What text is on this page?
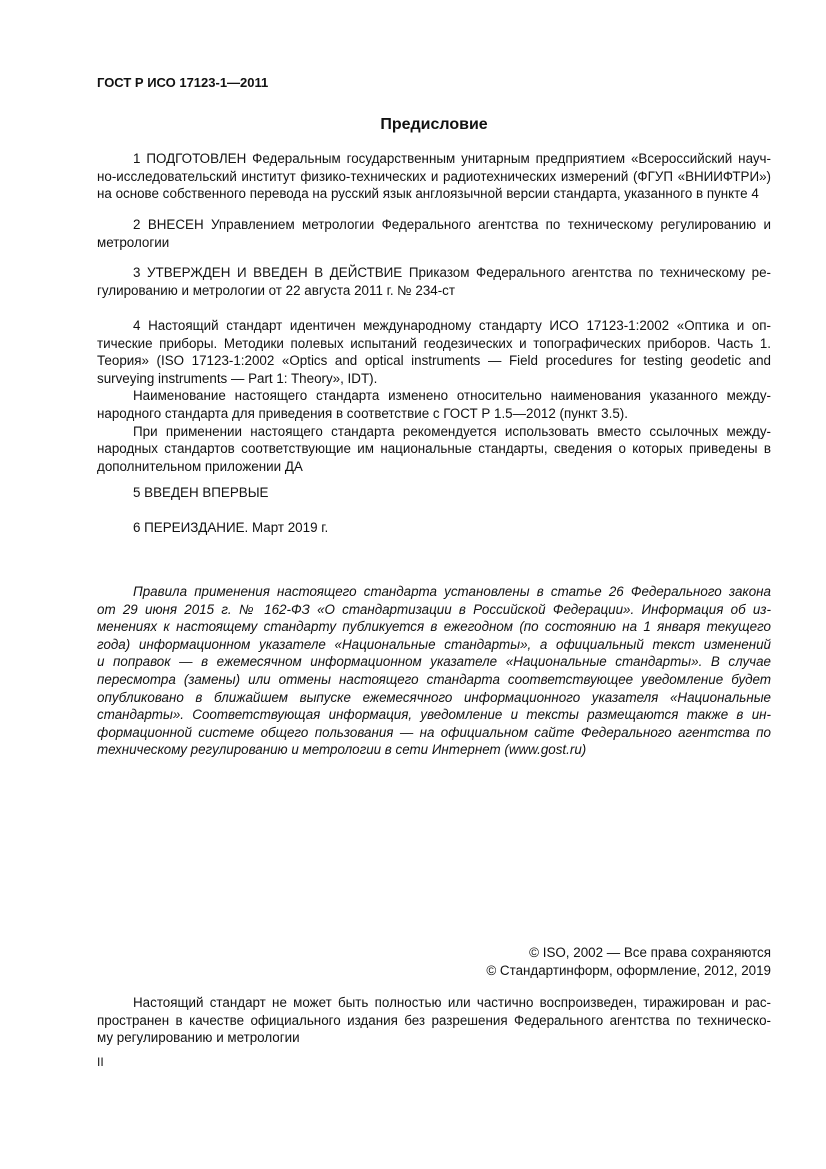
ГОСТ Р ИСО 17123-1—2011
Предисловие
1 ПОДГОТОВЛЕН Федеральным государственным унитарным предприятием «Всероссийский науч-
но-исследовательский институт физико-технических и радиотехнических измерений (ФГУП «ВНИИФТРИ»)
на основе собственного перевода на русский язык англоязычной версии стандарта, указанного в пункте 4
2 ВНЕСЕН Управлением метрологии Федерального агентства по техническому регулированию и
метрологии
3 УТВЕРЖДЕН И ВВЕДЕН В ДЕЙСТВИЕ Приказом Федерального агентства по техническому ре-
гулированию и метрологии от 22 августа 2011 г. № 234-ст
4 Настоящий стандарт идентичен международному стандарту ИСО 17123-1:2002 «Оптика и оп-
тические приборы. Методики полевых испытаний геодезических и топографических приборов. Часть 1.
Теория» (ISO 17123-1:2002 «Optics and optical instruments — Field procedures for testing geodetic and
surveying instruments — Part 1: Theory», IDT).
Наименование настоящего стандарта изменено относительно наименования указанного между-
народного стандарта для приведения в соответствие с ГОСТ Р 1.5—2012 (пункт 3.5).
При применении настоящего стандарта рекомендуется использовать вместо ссылочных между-
народных стандартов соответствующие им национальные стандарты, сведения о которых приведены в
дополнительном приложении ДА
5 ВВЕДЕН ВПЕРВЫЕ
6 ПЕРЕИЗДАНИЕ. Март 2019 г.
Правила применения настоящего стандарта установлены в статье 26 Федерального закона
от 29 июня 2015 г. № 162-ФЗ «О стандартизации в Российской Федерации». Информация об из-
менениях к настоящему стандарту публикуется в ежегодном (по состоянию на 1 января текущего
года) информационном указателе «Национальные стандарты», а официальный текст изменений
и поправок — в ежемесячном информационном указателе «Национальные стандарты». В случае
пересмотра (замены) или отмены настоящего стандарта соответствующее уведомление будет
опубликовано в ближайшем выпуске ежемесячного информационного указателя «Национальные
стандарты». Соответствующая информация, уведомление и тексты размещаются также в ин-
формационной системе общего пользования — на официальном сайте Федерального агентства по
техническому регулированию и метрологии в сети Интернет (www.gost.ru)
© ISO, 2002 — Все права сохраняются
© Стандартинформ, оформление, 2012, 2019
Настоящий стандарт не может быть полностью или частично воспроизведен, тиражирован и рас-
пространен в качестве официального издания без разрешения Федерального агентства по техническо-
му регулированию и метрологии
II
